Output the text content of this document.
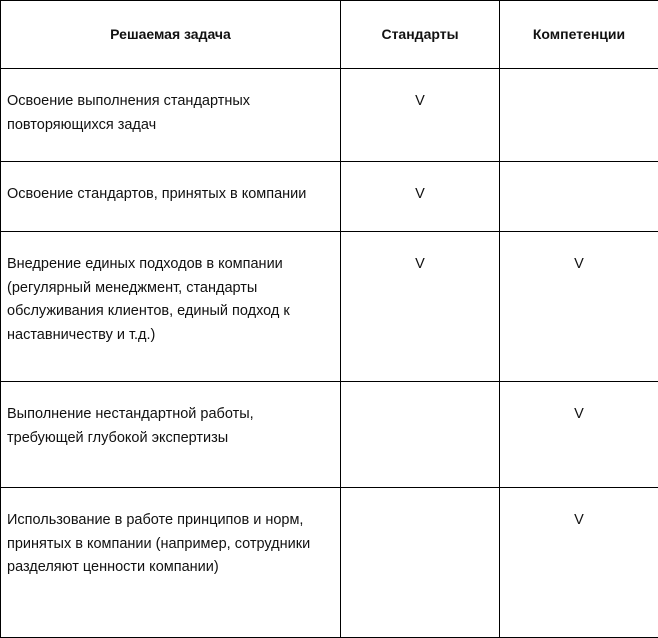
Решаемая задача	Стандарты	Компетенции
Освоение выполнения стандартных повторяющихся задач	V	
Освоение стандартов, принятых в компании	V	
Внедрение единых подходов в компании (регулярный менеджмент, стандарты обслуживания клиентов, единый подход к наставничеству и т.д.)	V	V
Выполнение нестандартной работы, требующей глубокой экспертизы		V
Использование в работе принципов и норм, принятых в компании (например, сотрудники разделяют ценности компании)		V
